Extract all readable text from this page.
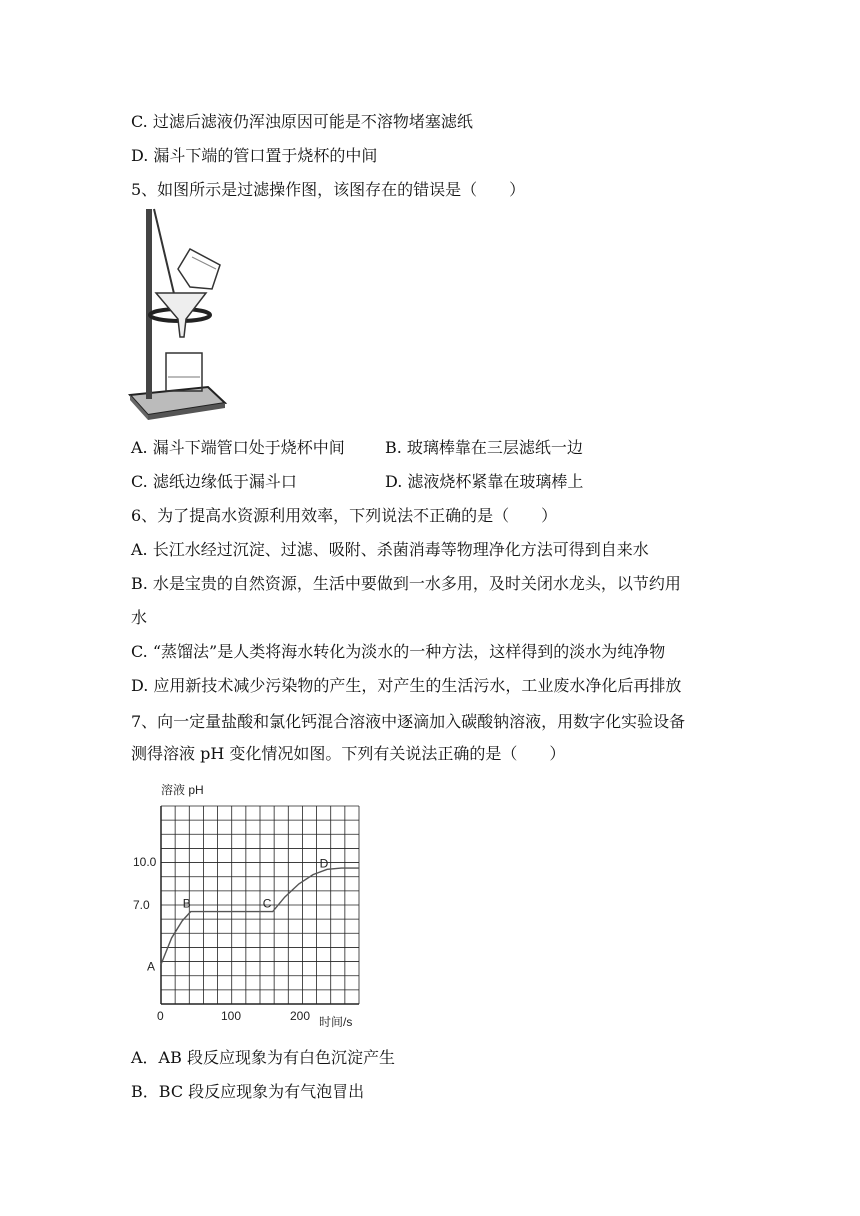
C. 过滤后滤液仍浑浊原因可能是不溶物堵塞滤纸
D. 漏斗下端的管口置于烧杯的中间
5、如图所示是过滤操作图，该图存在的错误是（　　）
A. 漏斗下端管口处于烧杯中间	B. 玻璃棒靠在三层滤纸一边
C. 滤纸边缘低于漏斗口	D. 滤液烧杯紧靠在玻璃棒上
6、为了提高水资源利用效率，下列说法不正确的是（　　）
A. 长江水经过沉淀、过滤、吸附、杀菌消毒等物理净化方法可得到自来水
B. 水是宝贵的自然资源，生活中要做到一水多用，及时关闭水龙头，以节约用
水
C. “蒸馏法”是人类将海水转化为淡水的一种方法，这样得到的淡水为纯净物
D. 应用新技术减少污染物的产生，对产生的生活污水，工业废水净化后再排放
7、向一定量盐酸和氯化钙混合溶液中逐滴加入碳酸钠溶液，用数字化实验设备
测得溶液 pH 变化情况如图。下列有关说法正确的是（　　）
溶液 pH
时间/s
7.0
10.0
0	100	200
A
B	C
D
A．AB 段反应现象为有白色沉淀产生
B．BC 段反应现象为有气泡冒出
